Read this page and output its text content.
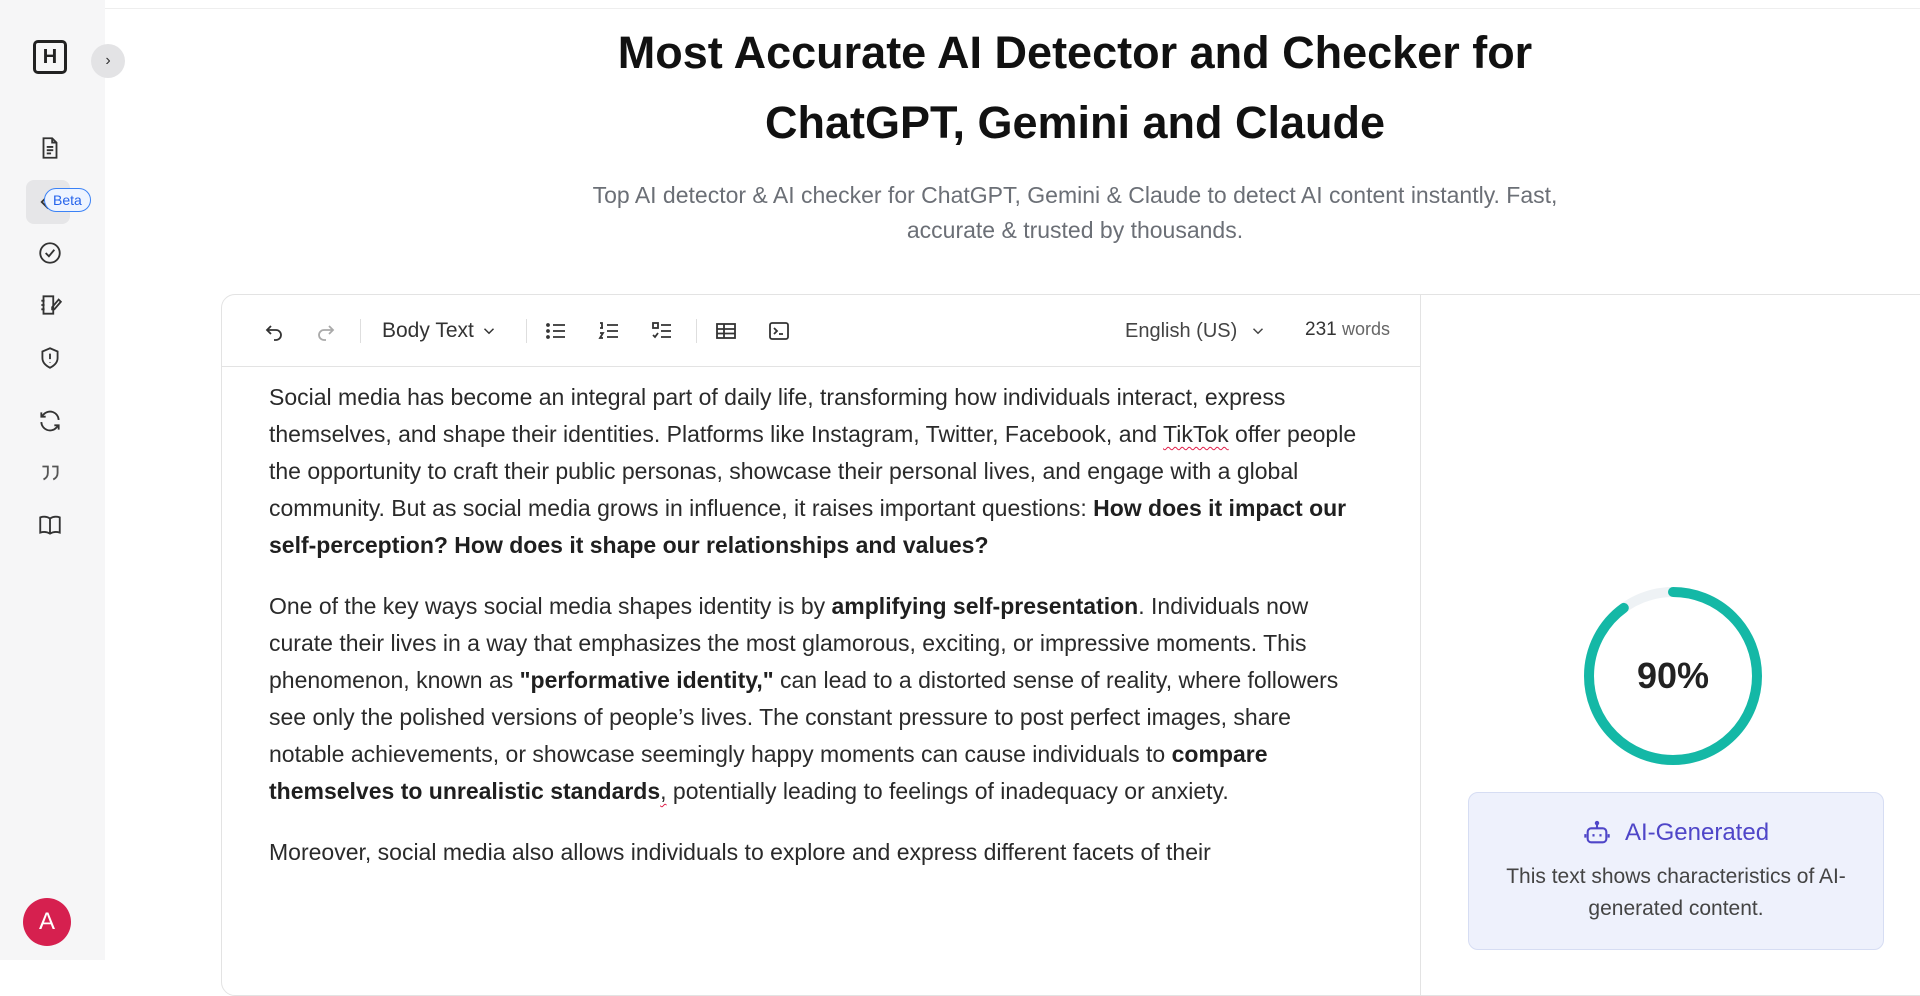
H
Beta
A
›	Most Accurate AI Detector and Checker for
ChatGPT, Gemini and Claude

Top AI detector & AI checker for ChatGPT, Gemini & Claude to detect AI content instantly. Fast,
accurate & trusted by thousands.

Body Text	English (US)	231 words

Social media has become an integral part of daily life, transforming how individuals interact, express themselves, and shape their identities. Platforms like Instagram, Twitter, Facebook, and TikTok offer people the opportunity to craft their public personas, showcase their personal lives, and engage with a global community. But as social media grows in influence, it raises important questions: How does it impact our self-perception? How does it shape our relationships and values?

One of the key ways social media shapes identity is by amplifying self-presentation. Individuals now curate their lives in a way that emphasizes the most glamorous, exciting, or impressive moments. This phenomenon, known as "performative identity," can lead to a distorted sense of reality, where followers see only the polished versions of people’s lives. The constant pressure to post perfect images, share notable achievements, or showcase seemingly happy moments can cause individuals to compare themselves to unrealistic standards, potentially leading to feelings of inadequacy or anxiety.

Moreover, social media also allows individuals to explore and express different facets of their

90%
AI-Generated
This text shows characteristics of AI-generated content.
